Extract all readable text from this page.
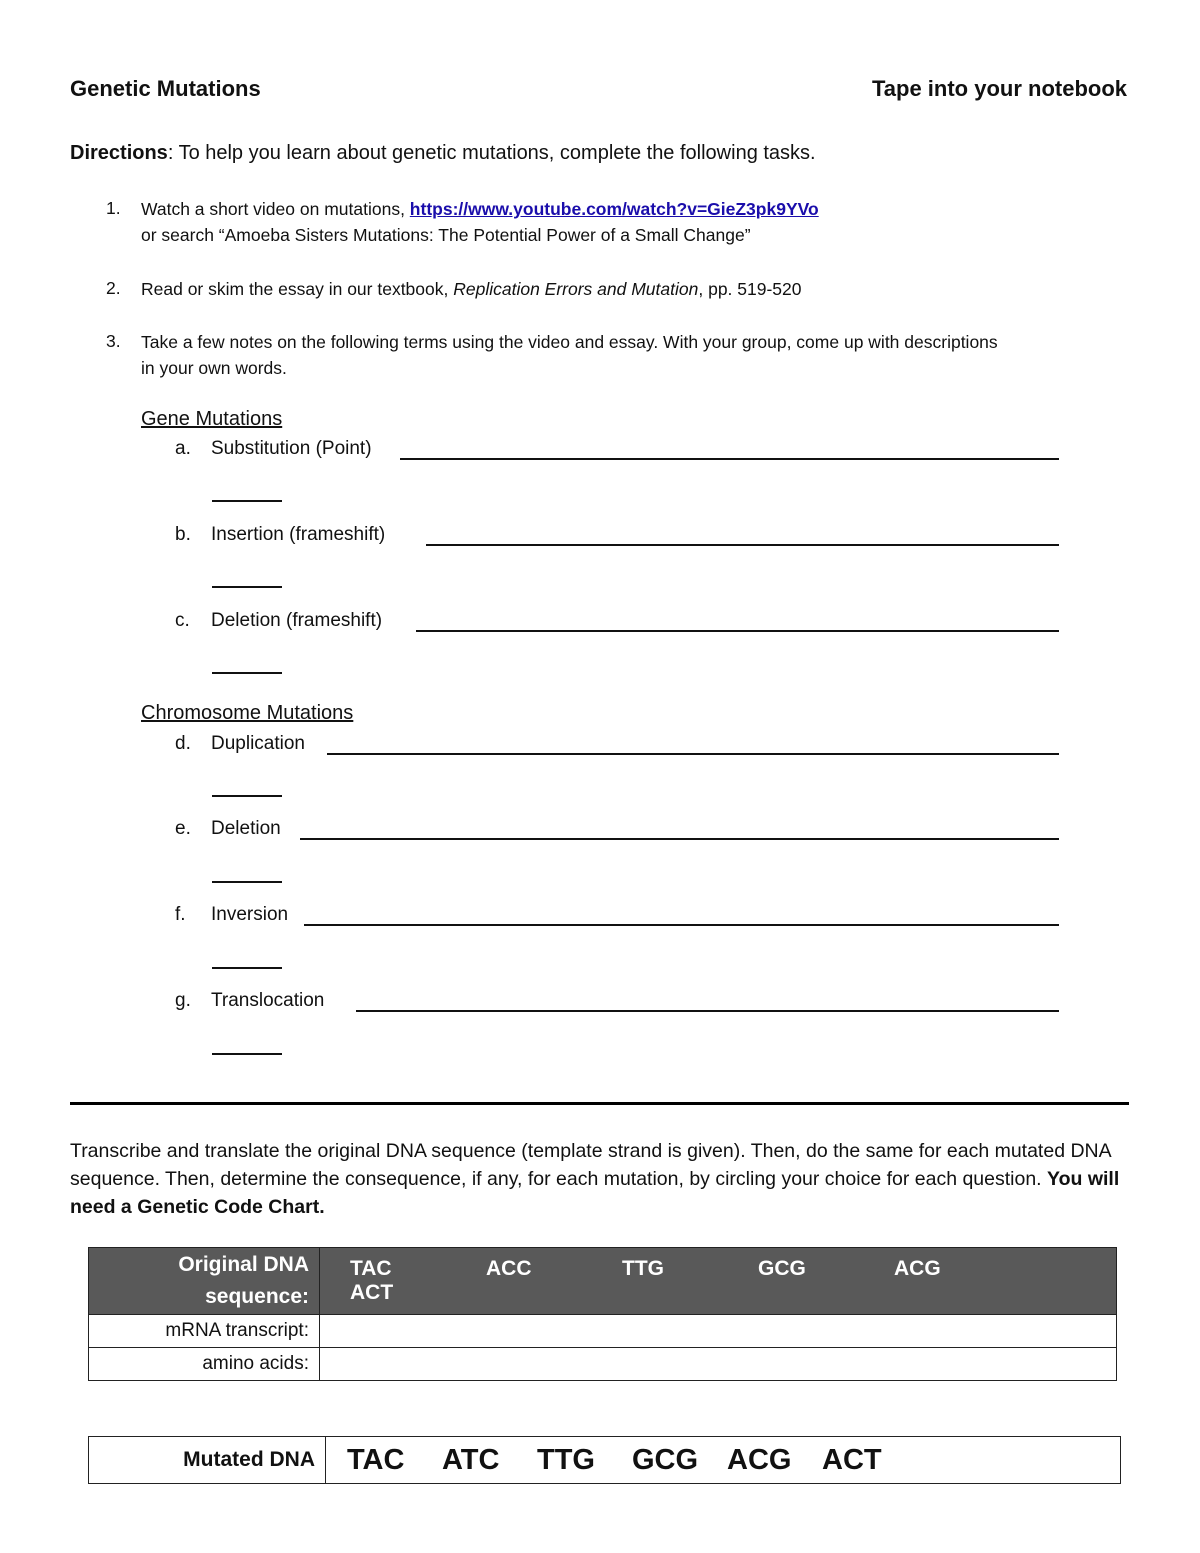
Genetic Mutations	Tape into your notebook
Directions: To help you learn about genetic mutations, complete the following tasks.
1. Watch a short video on mutations, https://www.youtube.com/watch?v=GieZ3pk9YVo
or search “Amoeba Sisters Mutations: The Potential Power of a Small Change”
2. Read or skim the essay in our textbook, Replication Errors and Mutation, pp. 519-520
3. Take a few notes on the following terms using the video and essay. With your group, come up with descriptions
in your own words.
Gene Mutations
a. Substitution (Point)
b. Insertion (frameshift)
c. Deletion (frameshift)
Chromosome Mutations
d. Duplication
e. Deletion
f. Inversion
g. Translocation
Transcribe and translate the original DNA sequence (template strand is given). Then, do the same for each mutated DNA sequence. Then, determine the consequence, if any, for each mutation, by circling your choice for each question. You will need a Genetic Code Chart.
Original DNA
sequence:	TAC ACC TTG GCG ACGACT
mRNA transcript:	
amino acids:	
Mutated DNA	TAC ATC TTG GCG ACG ACT
